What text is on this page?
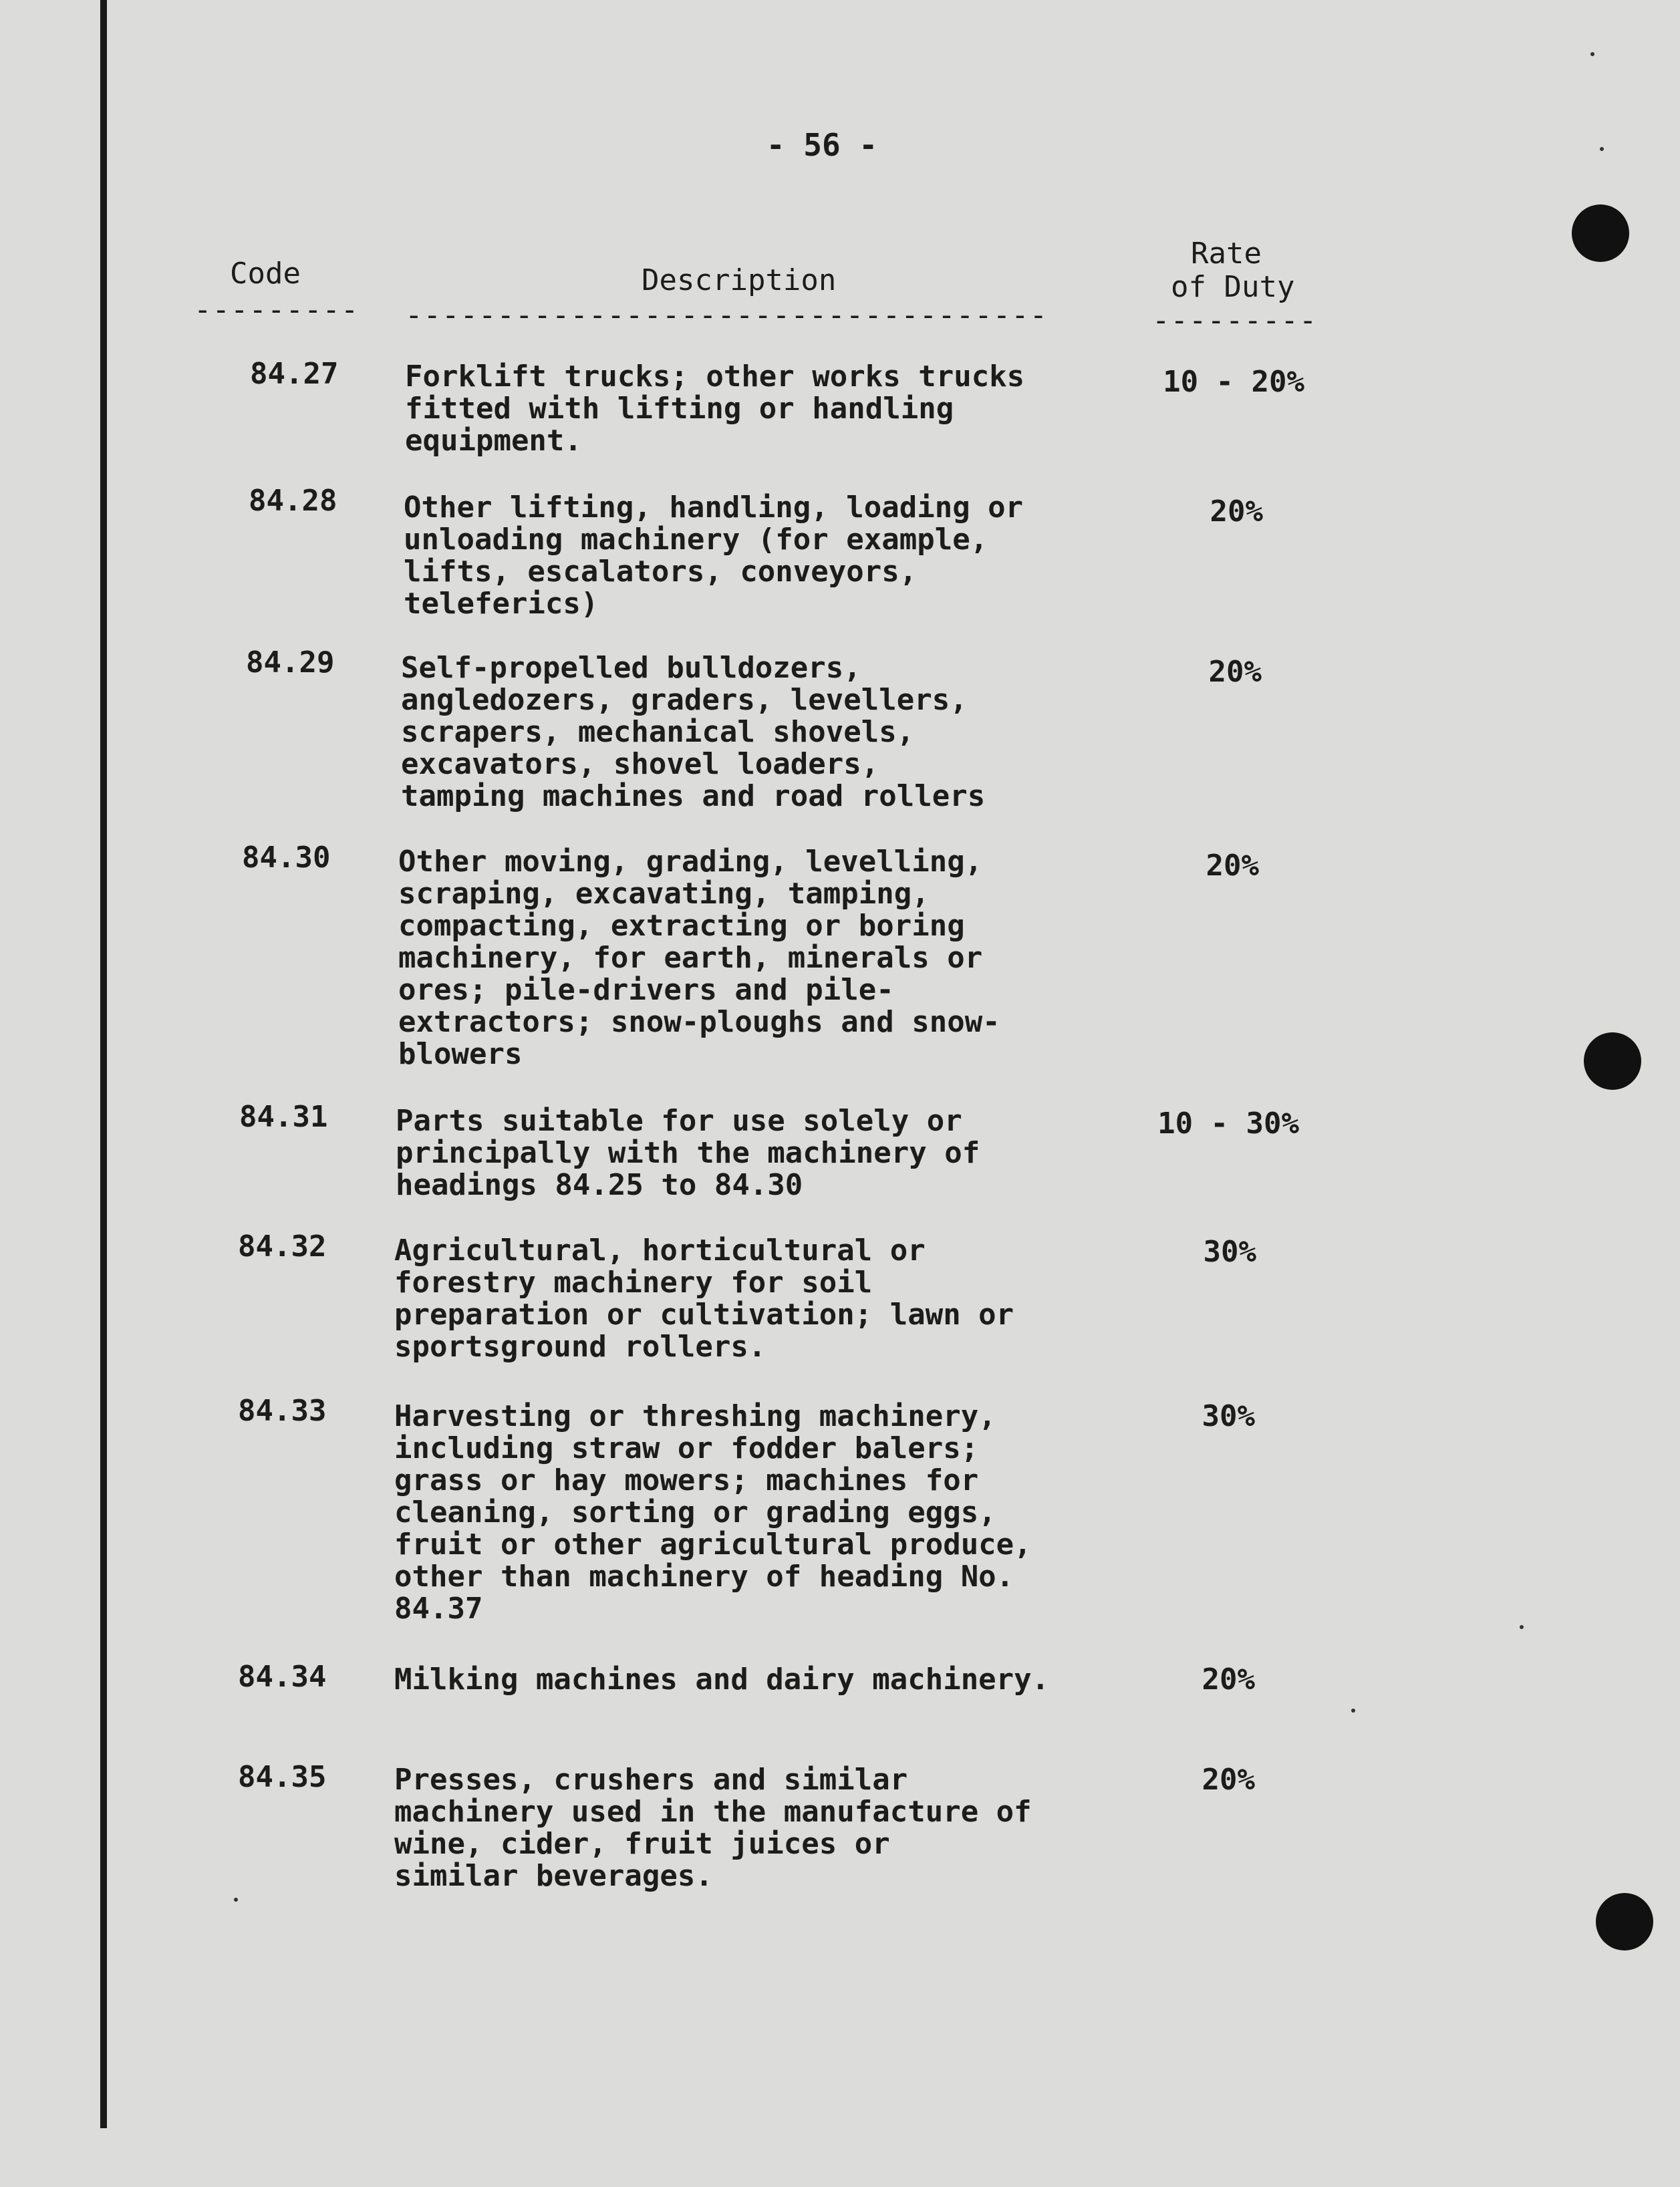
- 56 -
Code	Description
Rate
of Duty
--------- -----------------------------------	---------
84.27 Forklift trucks; other works trucks
fitted with lifting or handling
equipment.
10 - 20%
84.28 Other lifting, handling, loading or
unloading machinery (for example,
lifts, escalators, conveyors,
teleferics)
20%
84.29 Self-propelled bulldozers,
angledozers, graders, levellers,
scrapers, mechanical shovels,
excavators, shovel loaders,
tamping machines and road rollers
20%
84.30 Other moving, grading, levelling,
scraping, excavating, tamping,
compacting, extracting or boring
machinery, for earth, minerals or
ores; pile-drivers and pile-
extractors; snow-ploughs and snow-
blowers
20%
84.31 Parts suitable for use solely or
principally with the machinery of
headings 84.25 to 84.30
10 - 30%
84.32 Agricultural, horticultural or
forestry machinery for soil
preparation or cultivation; lawn or
sportsground rollers.
30%
84.33 Harvesting or threshing machinery,
including straw or fodder balers;
grass or hay mowers; machines for
cleaning, sorting or grading eggs,
fruit or other agricultural produce,
other than machinery of heading No.
84.37
30%
84.34 Milking machines and dairy machinery.	20%
84.35 Presses, crushers and similar
machinery used in the manufacture of
wine, cider, fruit juices or
similar beverages.
20%
